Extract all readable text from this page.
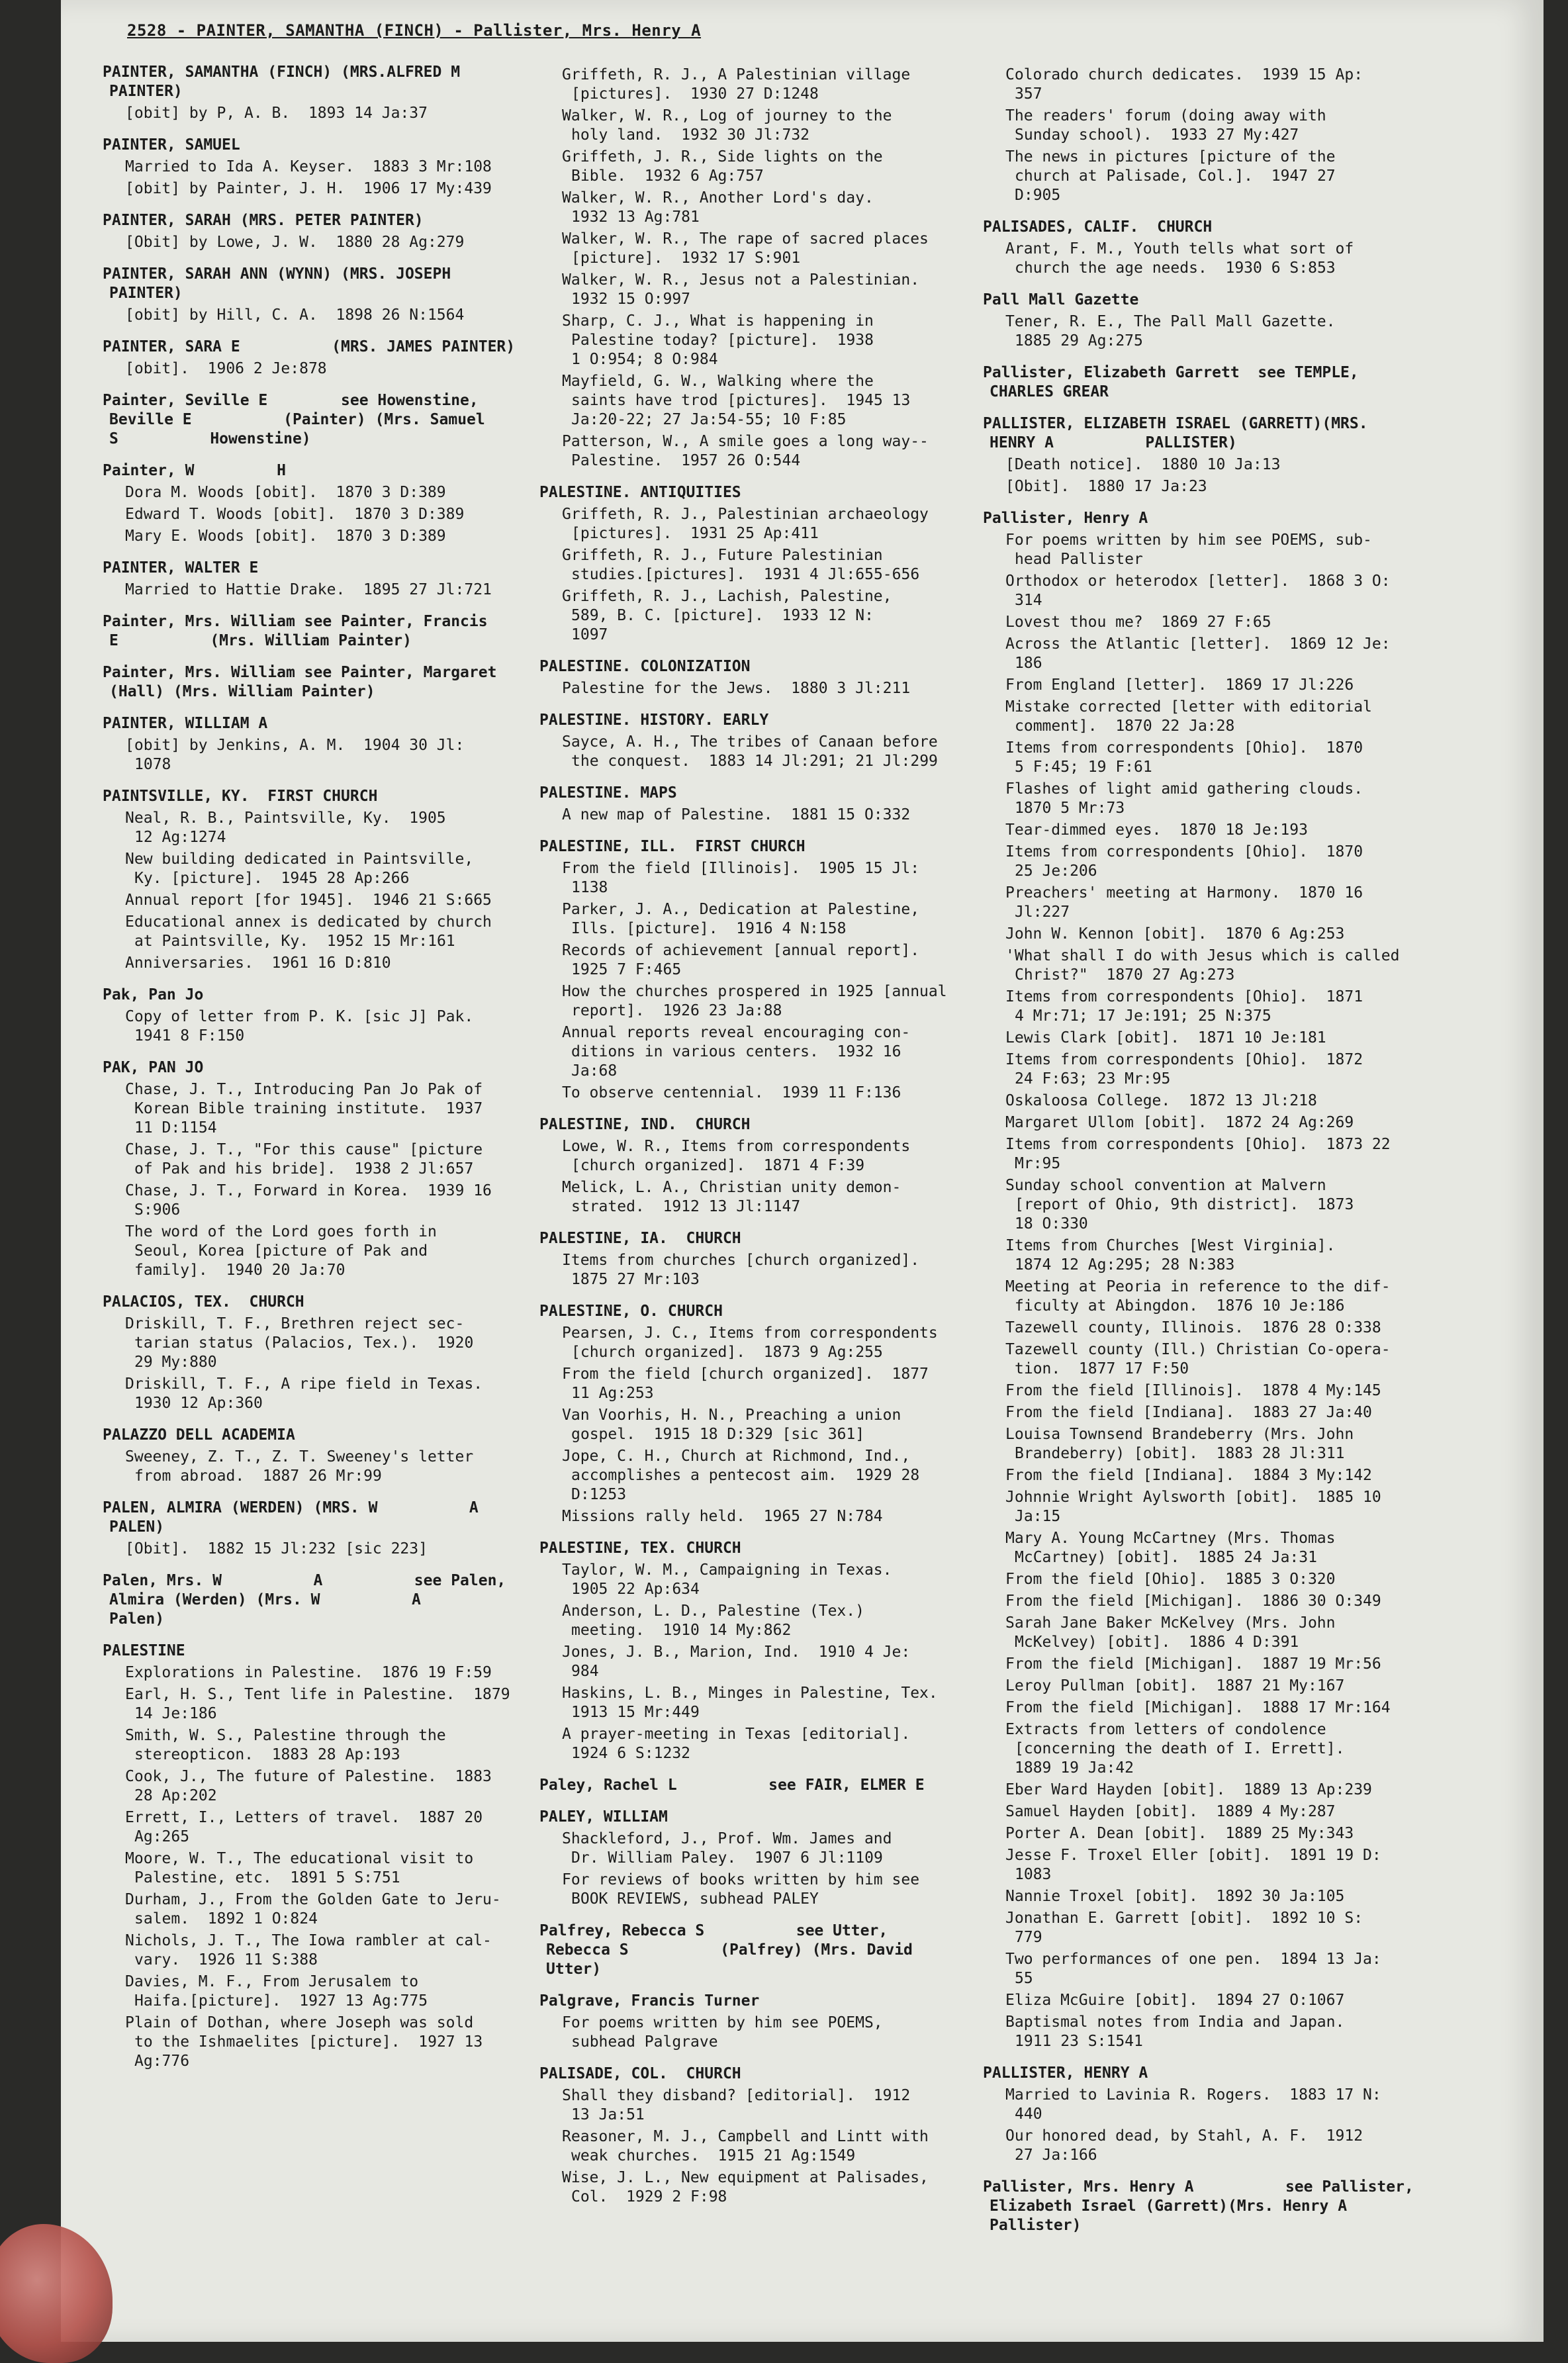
2528 - PAINTER, SAMANTHA (FINCH) - Pallister, Mrs. Henry A
PAINTER, SAMANTHA (FINCH) (MRS.ALFRED M
PAINTER)
[obit] by P, A. B.  1893 14 Ja:37
PAINTER, SAMUEL
Married to Ida A. Keyser.  1883 3 Mr:108
[obit] by Painter, J. H.  1906 17 My:439
PAINTER, SARAH (MRS. PETER PAINTER)
[Obit] by Lowe, J. W.  1880 28 Ag:279
PAINTER, SARAH ANN (WYNN) (MRS. JOSEPH
PAINTER)
[obit] by Hill, C. A.  1898 26 N:1564
PAINTER, SARA E          (MRS. JAMES PAINTER)
[obit].  1906 2 Je:878
Painter, Seville E        see Howenstine,
Beville E          (Painter) (Mrs. Samuel
S          Howenstine)
Painter, W         H
Dora M. Woods [obit].  1870 3 D:389
Edward T. Woods [obit].  1870 3 D:389
Mary E. Woods [obit].  1870 3 D:389
PAINTER, WALTER E
Married to Hattie Drake.  1895 27 Jl:721
Painter, Mrs. William see Painter, Francis
E          (Mrs. William Painter)
Painter, Mrs. William see Painter, Margaret
(Hall) (Mrs. William Painter)
PAINTER, WILLIAM A
[obit] by Jenkins, A. M.  1904 30 Jl:
1078
PAINTSVILLE, KY.  FIRST CHURCH
Neal, R. B., Paintsville, Ky.  1905
12 Ag:1274
New building dedicated in Paintsville,
Ky. [picture].  1945 28 Ap:266
Annual report [for 1945].  1946 21 S:665
Educational annex is dedicated by church
at Paintsville, Ky.  1952 15 Mr:161
Anniversaries.  1961 16 D:810
Pak, Pan Jo
Copy of letter from P. K. [sic J] Pak.
1941 8 F:150
PAK, PAN JO
Chase, J. T., Introducing Pan Jo Pak of
Korean Bible training institute.  1937
11 D:1154
Chase, J. T., "For this cause" [picture
of Pak and his bride].  1938 2 Jl:657
Chase, J. T., Forward in Korea.  1939 16
S:906
The word of the Lord goes forth in
Seoul, Korea [picture of Pak and
family].  1940 20 Ja:70
PALACIOS, TEX.  CHURCH
Driskill, T. F., Brethren reject sec-
tarian status (Palacios, Tex.).  1920
29 My:880
Driskill, T. F., A ripe field in Texas.
1930 12 Ap:360
PALAZZO DELL ACADEMIA
Sweeney, Z. T., Z. T. Sweeney's letter
from abroad.  1887 26 Mr:99
PALEN, ALMIRA (WERDEN) (MRS. W          A
PALEN)
[Obit].  1882 15 Jl:232 [sic 223]
Palen, Mrs. W          A          see Palen,
Almira (Werden) (Mrs. W          A
Palen)
PALESTINE
Explorations in Palestine.  1876 19 F:59
Earl, H. S., Tent life in Palestine.  1879
14 Je:186
Smith, W. S., Palestine through the
stereopticon.  1883 28 Ap:193
Cook, J., The future of Palestine.  1883
28 Ap:202
Errett, I., Letters of travel.  1887 20
Ag:265
Moore, W. T., The educational visit to
Palestine, etc.  1891 5 S:751
Durham, J., From the Golden Gate to Jeru-
salem.  1892 1 O:824
Nichols, J. T., The Iowa rambler at cal-
vary.  1926 11 S:388
Davies, M. F., From Jerusalem to
Haifa.[picture].  1927 13 Ag:775
Plain of Dothan, where Joseph was sold
to the Ishmaelites [picture].  1927 13
Ag:776
Griffeth, R. J., A Palestinian village
[pictures].  1930 27 D:1248
Walker, W. R., Log of journey to the
holy land.  1932 30 Jl:732
Griffeth, J. R., Side lights on the
Bible.  1932 6 Ag:757
Walker, W. R., Another Lord's day.
1932 13 Ag:781
Walker, W. R., The rape of sacred places
[picture].  1932 17 S:901
Walker, W. R., Jesus not a Palestinian.
1932 15 O:997
Sharp, C. J., What is happening in
Palestine today? [picture].  1938
1 O:954; 8 O:984
Mayfield, G. W., Walking where the
saints have trod [pictures].  1945 13
Ja:20-22; 27 Ja:54-55; 10 F:85
Patterson, W., A smile goes a long way--
Palestine.  1957 26 O:544
PALESTINE. ANTIQUITIES
Griffeth, R. J., Palestinian archaeology
[pictures].  1931 25 Ap:411
Griffeth, R. J., Future Palestinian
studies.[pictures].  1931 4 Jl:655-656
Griffeth, R. J., Lachish, Palestine,
589, B. C. [picture].  1933 12 N:
1097
PALESTINE. COLONIZATION
Palestine for the Jews.  1880 3 Jl:211
PALESTINE. HISTORY. EARLY
Sayce, A. H., The tribes of Canaan before
the conquest.  1883 14 Jl:291; 21 Jl:299
PALESTINE. MAPS
A new map of Palestine.  1881 15 O:332
PALESTINE, ILL.  FIRST CHURCH
From the field [Illinois].  1905 15 Jl:
1138
Parker, J. A., Dedication at Palestine,
Ills. [picture].  1916 4 N:158
Records of achievement [annual report].
1925 7 F:465
How the churches prospered in 1925 [annual
report].  1926 23 Ja:88
Annual reports reveal encouraging con-
ditions in various centers.  1932 16
Ja:68
To observe centennial.  1939 11 F:136
PALESTINE, IND.  CHURCH
Lowe, W. R., Items from correspondents
[church organized].  1871 4 F:39
Melick, L. A., Christian unity demon-
strated.  1912 13 Jl:1147
PALESTINE, IA.  CHURCH
Items from churches [church organized].
1875 27 Mr:103
PALESTINE, O. CHURCH
Pearsen, J. C., Items from correspondents
[church organized].  1873 9 Ag:255
From the field [church organized].  1877
11 Ag:253
Van Voorhis, H. N., Preaching a union
gospel.  1915 18 D:329 [sic 361]
Jope, C. H., Church at Richmond, Ind.,
accomplishes a pentecost aim.  1929 28
D:1253
Missions rally held.  1965 27 N:784
PALESTINE, TEX. CHURCH
Taylor, W. M., Campaigning in Texas.
1905 22 Ap:634
Anderson, L. D., Palestine (Tex.)
meeting.  1910 14 My:862
Jones, J. B., Marion, Ind.  1910 4 Je:
984
Haskins, L. B., Minges in Palestine, Tex.
1913 15 Mr:449
A prayer-meeting in Texas [editorial].
1924 6 S:1232
Paley, Rachel L          see FAIR, ELMER E
PALEY, WILLIAM
Shackleford, J., Prof. Wm. James and
Dr. William Paley.  1907 6 Jl:1109
For reviews of books written by him see
BOOK REVIEWS, subhead PALEY
Palfrey, Rebecca S          see Utter,
Rebecca S          (Palfrey) (Mrs. David
Utter)
Palgrave, Francis Turner
For poems written by him see POEMS,
subhead Palgrave
PALISADE, COL.  CHURCH
Shall they disband? [editorial].  1912
13 Ja:51
Reasoner, M. J., Campbell and Lintt with
weak churches.  1915 21 Ag:1549
Wise, J. L., New equipment at Palisades,
Col.  1929 2 F:98
Colorado church dedicates.  1939 15 Ap:
357
The readers' forum (doing away with
Sunday school).  1933 27 My:427
The news in pictures [picture of the
church at Palisade, Col.].  1947 27
D:905
PALISADES, CALIF.  CHURCH
Arant, F. M., Youth tells what sort of
church the age needs.  1930 6 S:853
Pall Mall Gazette
Tener, R. E., The Pall Mall Gazette.
1885 29 Ag:275
Pallister, Elizabeth Garrett  see TEMPLE,
CHARLES GREAR
PALLISTER, ELIZABETH ISRAEL (GARRETT)(MRS.
HENRY A          PALLISTER)
[Death notice].  1880 10 Ja:13
[Obit].  1880 17 Ja:23
Pallister, Henry A
For poems written by him see POEMS, sub-
head Pallister
Orthodox or heterodox [letter].  1868 3 O:
314
Lovest thou me?  1869 27 F:65
Across the Atlantic [letter].  1869 12 Je:
186
From England [letter].  1869 17 Jl:226
Mistake corrected [letter with editorial
comment].  1870 22 Ja:28
Items from correspondents [Ohio].  1870
5 F:45; 19 F:61
Flashes of light amid gathering clouds.
1870 5 Mr:73
Tear-dimmed eyes.  1870 18 Je:193
Items from correspondents [Ohio].  1870
25 Je:206
Preachers' meeting at Harmony.  1870 16
Jl:227
John W. Kennon [obit].  1870 6 Ag:253
'What shall I do with Jesus which is called
Christ?"  1870 27 Ag:273
Items from correspondents [Ohio].  1871
4 Mr:71; 17 Je:191; 25 N:375
Lewis Clark [obit].  1871 10 Je:181
Items from correspondents [Ohio].  1872
24 F:63; 23 Mr:95
Oskaloosa College.  1872 13 Jl:218
Margaret Ullom [obit].  1872 24 Ag:269
Items from correspondents [Ohio].  1873 22
Mr:95
Sunday school convention at Malvern
[report of Ohio, 9th district].  1873
18 O:330
Items from Churches [West Virginia].
1874 12 Ag:295; 28 N:383
Meeting at Peoria in reference to the dif-
ficulty at Abingdon.  1876 10 Je:186
Tazewell county, Illinois.  1876 28 O:338
Tazewell county (Ill.) Christian Co-opera-
tion.  1877 17 F:50
From the field [Illinois].  1878 4 My:145
From the field [Indiana].  1883 27 Ja:40
Louisa Townsend Brandeberry (Mrs. John
Brandeberry) [obit].  1883 28 Jl:311
From the field [Indiana].  1884 3 My:142
Johnnie Wright Aylsworth [obit].  1885 10
Ja:15
Mary A. Young McCartney (Mrs. Thomas
McCartney) [obit].  1885 24 Ja:31
From the field [Ohio].  1885 3 O:320
From the field [Michigan].  1886 30 O:349
Sarah Jane Baker McKelvey (Mrs. John
McKelvey) [obit].  1886 4 D:391
From the field [Michigan].  1887 19 Mr:56
Leroy Pullman [obit].  1887 21 My:167
From the field [Michigan].  1888 17 Mr:164
Extracts from letters of condolence
[concerning the death of I. Errett].
1889 19 Ja:42
Eber Ward Hayden [obit].  1889 13 Ap:239
Samuel Hayden [obit].  1889 4 My:287
Porter A. Dean [obit].  1889 25 My:343
Jesse F. Troxel Eller [obit].  1891 19 D:
1083
Nannie Troxel [obit].  1892 30 Ja:105
Jonathan E. Garrett [obit].  1892 10 S:
779
Two performances of one pen.  1894 13 Ja:
55
Eliza McGuire [obit].  1894 27 O:1067
Baptismal notes from India and Japan.
1911 23 S:1541
PALLISTER, HENRY A
Married to Lavinia R. Rogers.  1883 17 N:
440
Our honored dead, by Stahl, A. F.  1912
27 Ja:166
Pallister, Mrs. Henry A          see Pallister,
Elizabeth Israel (Garrett)(Mrs. Henry A
Pallister)
